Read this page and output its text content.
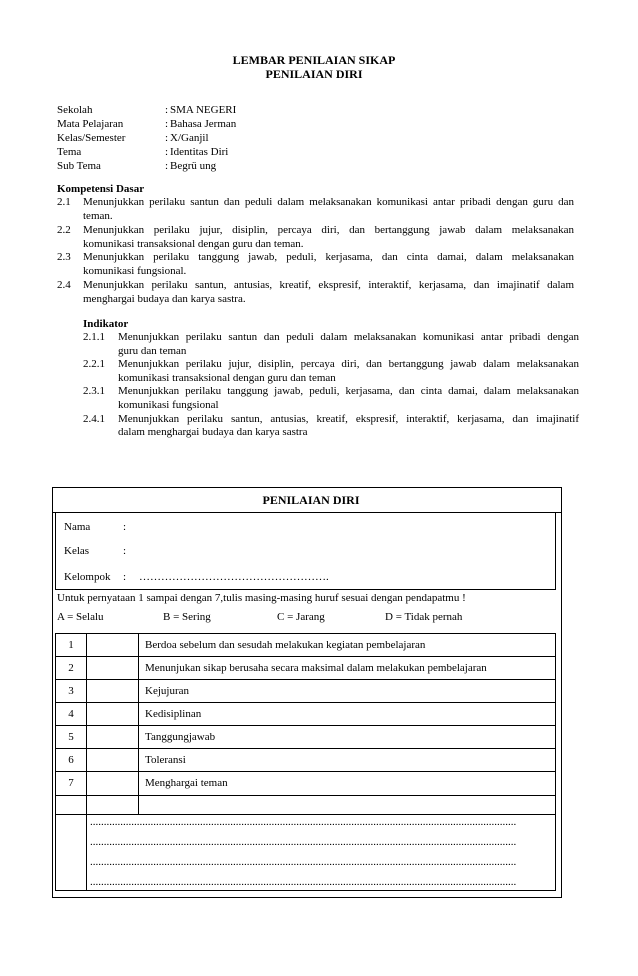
LEMBAR PENILAIAN SIKAP
PENILAIAN DIRI
Sekolah	: SMA NEGERI
Mata Pelajaran	: Bahasa Jerman
Kelas/Semester	: X/Ganjil
Tema	: Identitas Diri
Sub Tema	: Begrü ung
Kompetensi Dasar
2.1 Menunjukkan perilaku santun dan peduli dalam melaksanakan komunikasi antar pribadi dengan guru dan
teman.
2.2 Menunjukkan perilaku jujur, disiplin, percaya diri, dan bertanggung jawab dalam melaksanakan
komunikasi transaksional dengan guru dan teman.
2.3 Menunjukkan perilaku tanggung jawab, peduli, kerjasama, dan cinta damai, dalam melaksanakan
komunikasi fungsional.
2.4 Menunjukkan perilaku santun, antusias, kreatif, ekspresif, interaktif, kerjasama, dan imajinatif dalam
menghargai budaya dan karya sastra.
Indikator
2.1.1 Menunjukkan perilaku santun dan peduli dalam melaksanakan komunikasi antar pribadi dengan
guru dan teman
2.2.1 Menunjukkan perilaku jujur, disiplin, percaya diri, dan bertanggung jawab dalam melaksanakan
komunikasi transaksional dengan guru dan teman
2.3.1 Menunjukkan perilaku tanggung jawab, peduli, kerjasama, dan cinta damai, dalam melaksanakan
komunikasi fungsional
2.4.1 Menunjukkan perilaku santun, antusias, kreatif, ekspresif, interaktif, kerjasama, dan imajinatif
dalam menghargai budaya dan karya sastra
PENILAIAN DIRI
Nama	:
Kelas	:
Kelompok : …………………………………………….
Untuk pernyataan 1 sampai dengan 7,tulis masing-masing huruf sesuai dengan pendapatmu !
A = Selalu	B = Sering	C = Jarang	D = Tidak pernah
1	Berdoa sebelum dan sesudah melakukan kegiatan pembelajaran
2	Menunjukan sikap berusaha secara maksimal dalam melakukan pembelajaran
3	Kejujuran
4	Kedisiplinan
5	Tanggungjawab
6	Toleransi
7	Menghargai teman
...........................................................................................................................................................
...........................................................................................................................................................
...........................................................................................................................................................
...........................................................................................................................................................
